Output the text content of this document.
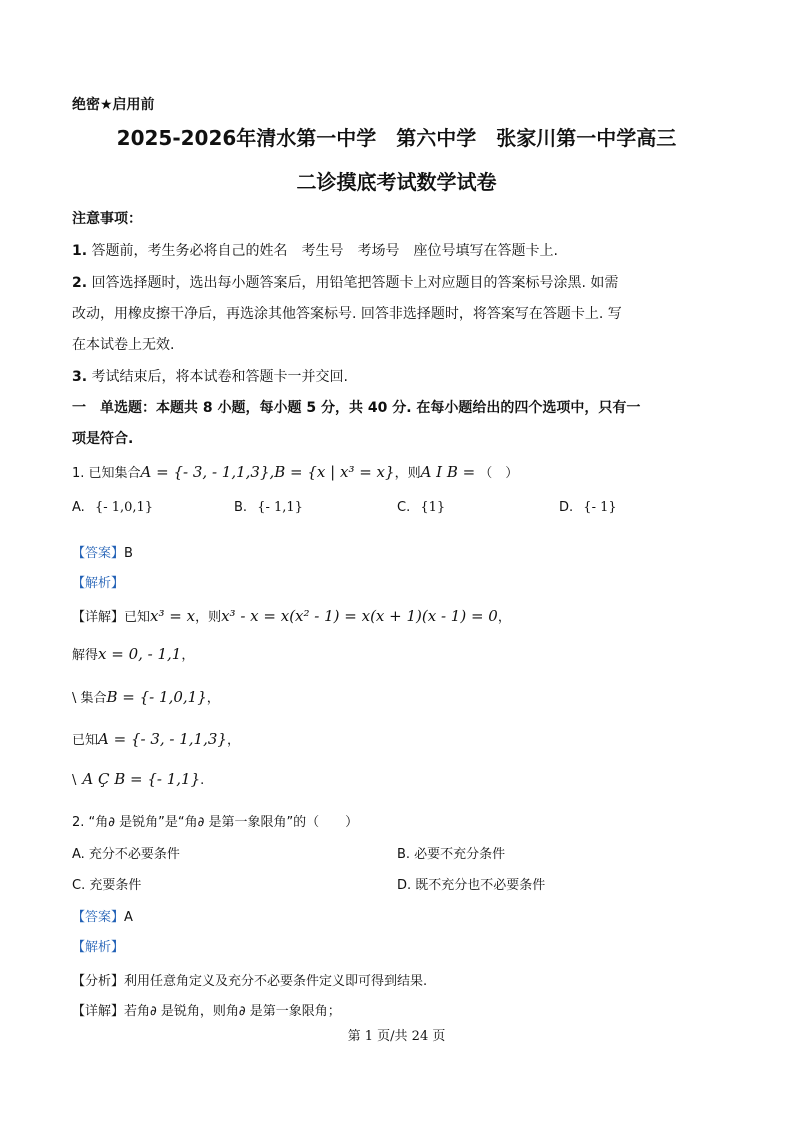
绝密★启用前
2025-2026年清水第一中学　第六中学　张家川第一中学高三
二诊摸底考试数学试卷
注意事项：
1. 答题前，考生务必将自己的姓名　考生号　考场号　座位号填写在答题卡上.
2. 回答选择题时，选出每小题答案后，用铅笔把答题卡上对应题目的答案标号涂黑. 如需
改动，用橡皮擦干净后，再选涂其他答案标号. 回答非选择题时，将答案写在答题卡上. 写
在本试卷上无效.
3. 考试结束后，将本试卷和答题卡一并交回.
一　单选题：本题共 8 小题，每小题 5 分，共 40 分. 在每小题给出的四个选项中，只有一
项是符合.
1. 已知集合A = {- 3, - 1,1,3},B = {x | x³ = x}，则A I B = （　）
A. {- 1,0,1}	B. {- 1,1}	C. {1}	D. {- 1}
【答案】B
【解析】
【详解】已知x³ = x，则x³ - x = x(x² - 1) = x(x + 1)(x - 1) = 0，
解得x = 0, - 1,1，
\ 集合B = {- 1,0,1}，
已知A = {- 3, - 1,1,3}，
\ A Ç B = {- 1,1}.
2. “角∂ 是锐角”是“角∂ 是第一象限角”的（　　）
A. 充分不必要条件	B. 必要不充分条件
C. 充要条件	D. 既不充分也不必要条件
【答案】A
【解析】
【分析】利用任意角定义及充分不必要条件定义即可得到结果.
【详解】若角∂ 是锐角，则角∂ 是第一象限角；
第 1 页/共 24 页
